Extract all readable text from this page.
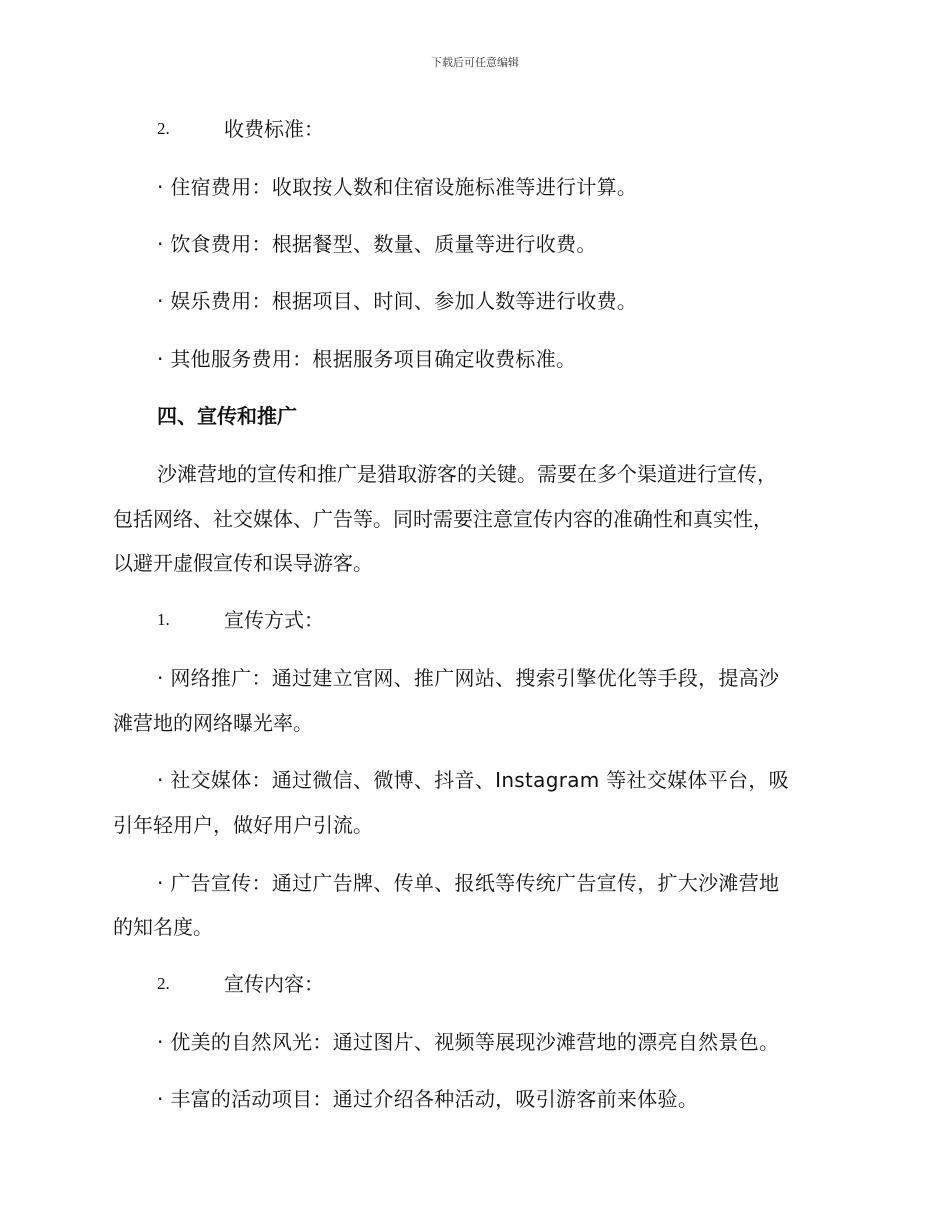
下载后可任意编辑
2.	收费标准：
· 住宿费用：收取按人数和住宿设施标准等进行计算。
· 饮食费用：根据餐型、数量、质量等进行收费。
· 娱乐费用：根据项目、时间、参加人数等进行收费。
· 其他服务费用：根据服务项目确定收费标准。
四、宣传和推广
沙滩营地的宣传和推广是猎取游客的关键。需要在多个渠道进行宣传，
包括网络、社交媒体、广告等。同时需要注意宣传内容的准确性和真实性，
以避开虚假宣传和误导游客。
1.	宣传方式：
· 网络推广：通过建立官网、推广网站、搜索引擎优化等手段，提高沙
滩营地的网络曝光率。
· 社交媒体：通过微信、微博、抖音、Instagram 等社交媒体平台，吸
引年轻用户，做好用户引流。
· 广告宣传：通过广告牌、传单、报纸等传统广告宣传，扩大沙滩营地
的知名度。
2.	宣传内容：
· 优美的自然风光：通过图片、视频等展现沙滩营地的漂亮自然景色。
· 丰富的活动项目：通过介绍各种活动，吸引游客前来体验。
